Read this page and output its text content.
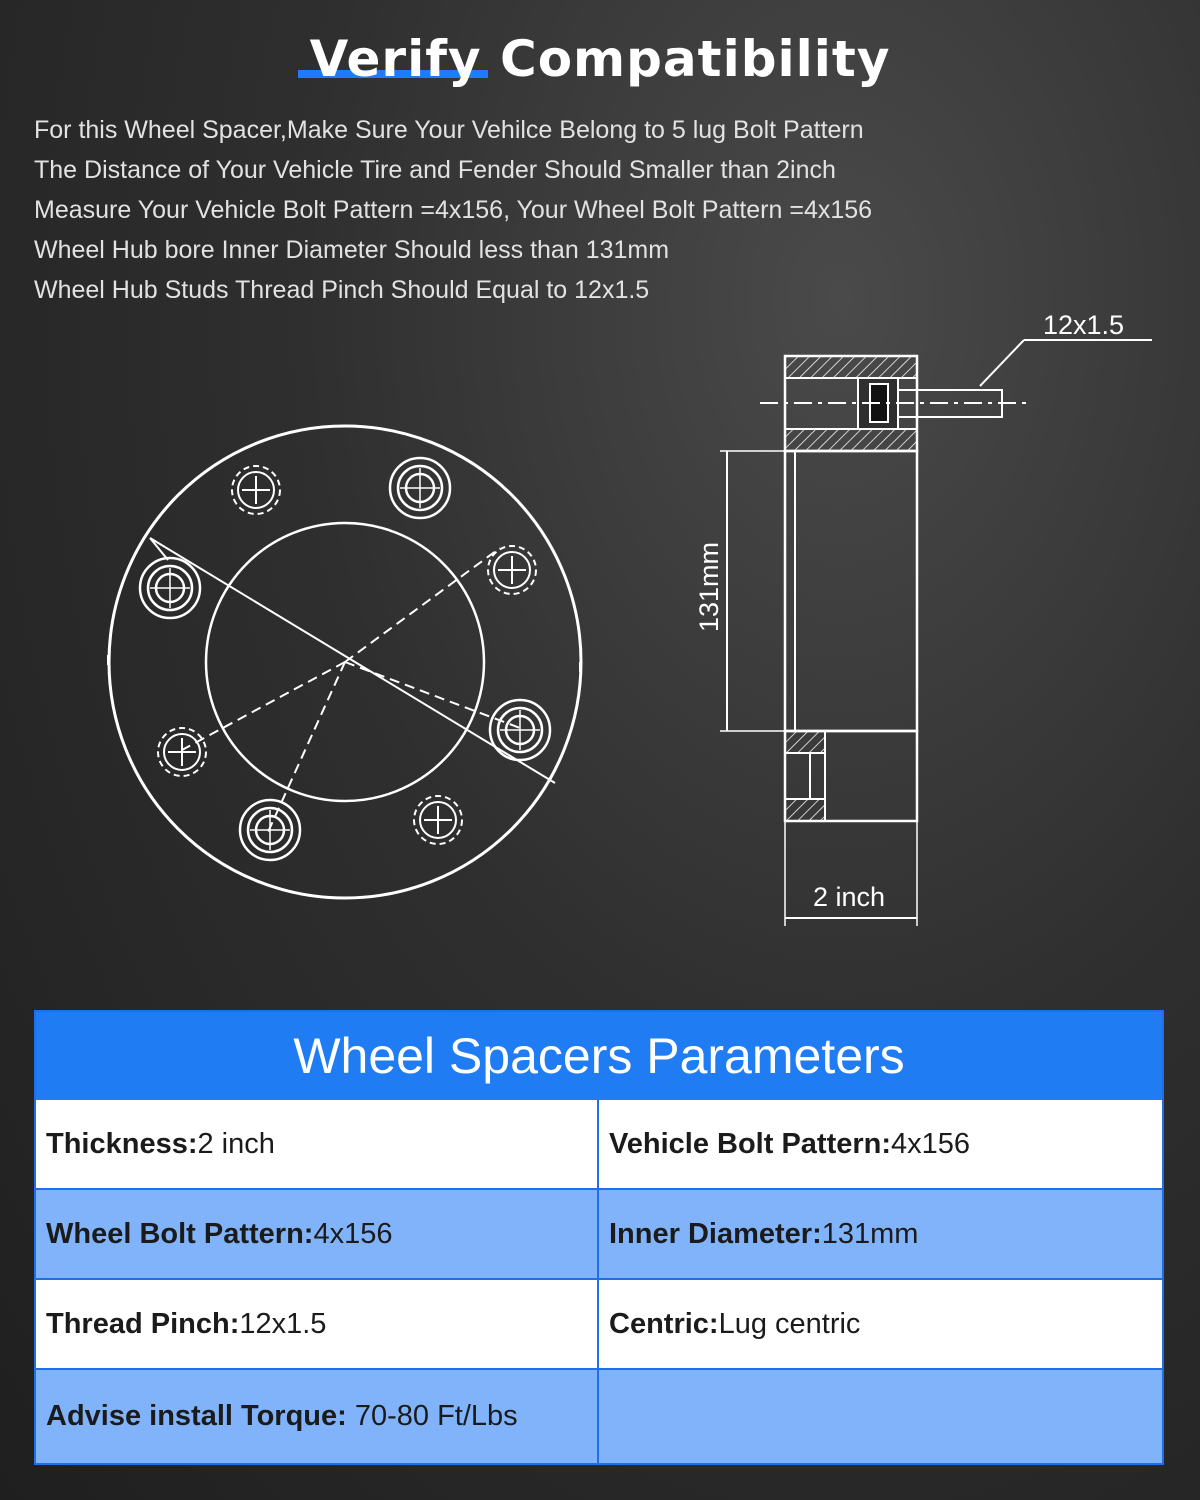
Verify Compatibility
For this Wheel Spacer,Make Sure Your Vehilce Belong to 5 lug Bolt Pattern
The Distance of Your Vehicle Tire and Fender Should Smaller than 2inch
Measure Your Vehicle Bolt Pattern =4x156, Your Wheel Bolt Pattern =4x156
Wheel Hub bore Inner Diameter Should less than 131mm
Wheel Hub Studs Thread Pinch Should Equal to 12x1.5
12x1.5
131mm
2 inch
Wheel Spacers Parameters
Thickness: 2 inch	Vehicle Bolt Pattern: 4x156
Wheel Bolt Pattern: 4x156	Inner Diameter: 131mm
Thread Pinch: 12x1.5	Centric: Lug centric
Advise install Torque: 70-80 Ft/Lbs
